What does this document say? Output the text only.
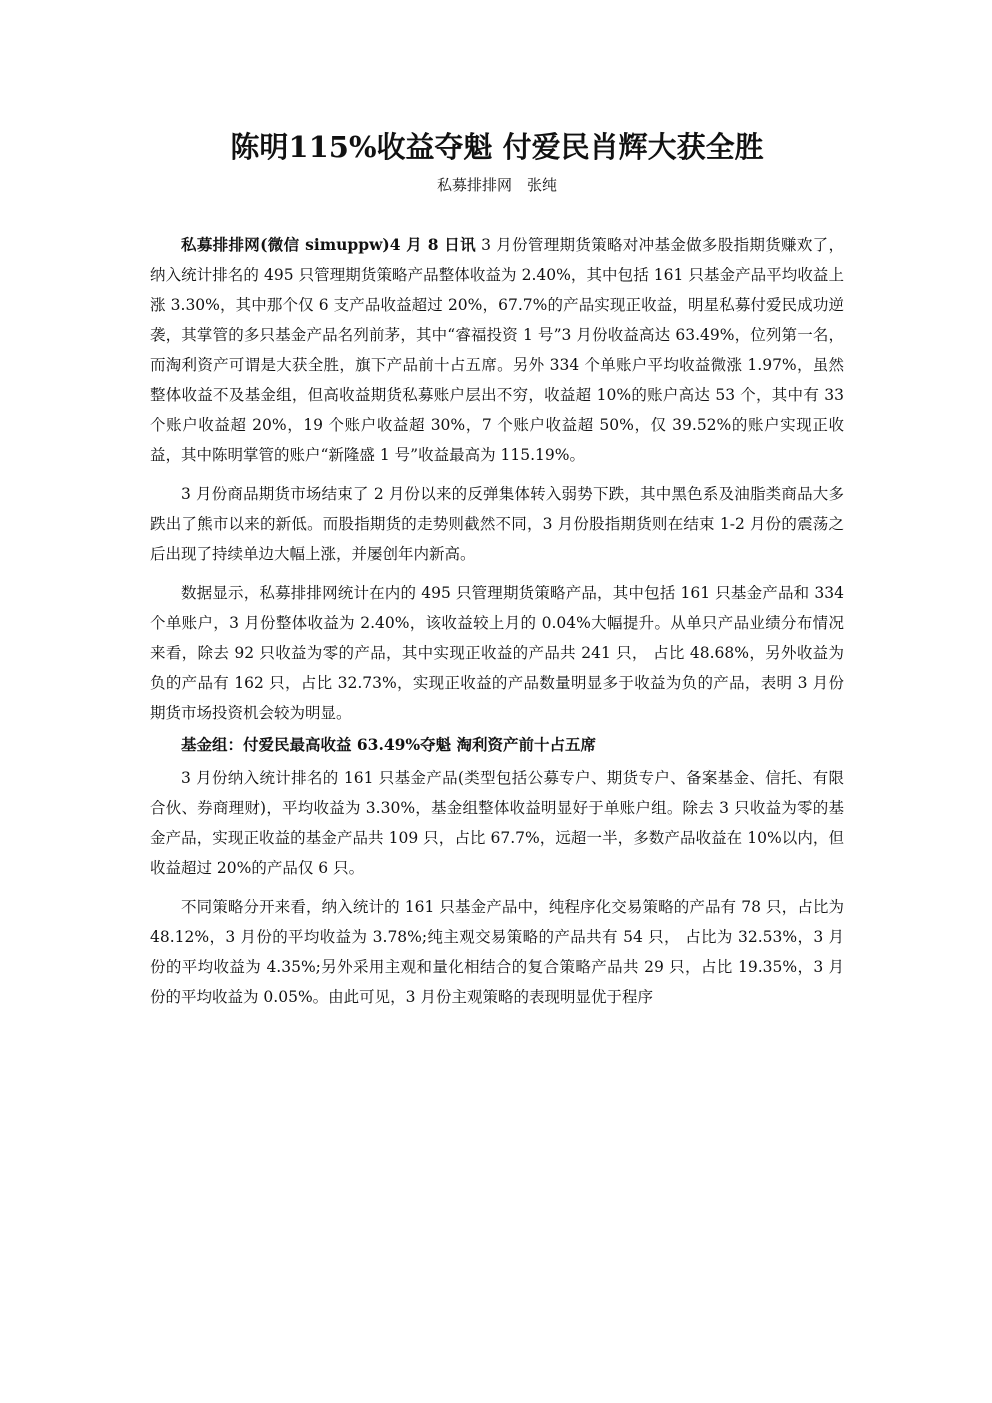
陈明115%收益夺魁 付爱民肖辉大获全胜
私募排排网　张纯

私募排排网(微信 simuppw)4 月 8 日讯 3 月份管理期货策略对冲基金做多股指期货赚欢了，纳入统计排名的 495 只管理期货策略产品整体收益为 2.40%，其中包括 161 只基金产品平均收益上涨 3.30%，其中那个仅 6 支产品收益超过 20%，67.7%的产品实现正收益，明星私募付爱民成功逆袭，其掌管的多只基金产品名列前茅，其中“睿福投资 1 号”3 月份收益高达 63.49%，位列第一名，而淘利资产可谓是大获全胜，旗下产品前十占五席。另外 334 个单账户平均收益微涨 1.97%，虽然整体收益不及基金组，但高收益期货私募账户层出不穷，收益超 10%的账户高达 53 个，其中有 33 个账户收益超 20%，19 个账户收益超 30%，7 个账户收益超 50%，仅 39.52%的账户实现正收益，其中陈明掌管的账户“新隆盛 1 号”收益最高为 115.19%。

3 月份商品期货市场结束了 2 月份以来的反弹集体转入弱势下跌，其中黑色系及油脂类商品大多跌出了熊市以来的新低。而股指期货的走势则截然不同，3 月份股指期货则在结束 1-2 月份的震荡之后出现了持续单边大幅上涨，并屡创年内新高。

数据显示，私募排排网统计在内的 495 只管理期货策略产品，其中包括 161 只基金产品和 334 个单账户，3 月份整体收益为 2.40%，该收益较上月的 0.04%大幅提升。从单只产品业绩分布情况来看，除去 92 只收益为零的产品，其中实现正收益的产品共 241 只， 占比 48.68%，另外收益为负的产品有 162 只，占比 32.73%，实现正收益的产品数量明显多于收益为负的产品，表明 3 月份期货市场投资机会较为明显。

基金组：付爱民最高收益 63.49%夺魁 淘利资产前十占五席

3 月份纳入统计排名的 161 只基金产品(类型包括公募专户、期货专户、备案基金、信托、有限合伙、券商理财)，平均收益为 3.30%，基金组整体收益明显好于单账户组。除去 3 只收益为零的基金产品，实现正收益的基金产品共 109 只，占比 67.7%，远超一半，多数产品收益在 10%以内，但收益超过 20%的产品仅 6 只。

不同策略分开来看，纳入统计的 161 只基金产品中，纯程序化交易策略的产品有 78 只，占比为 48.12%，3 月份的平均收益为 3.78%;纯主观交易策略的产品共有 54 只， 占比为 32.53%，3 月份的平均收益为 4.35%;另外采用主观和量化相结合的复合策略产品共 29 只，占比 19.35%，3 月份的平均收益为 0.05%。由此可见，3 月份主观策略的表现明显优于程序
